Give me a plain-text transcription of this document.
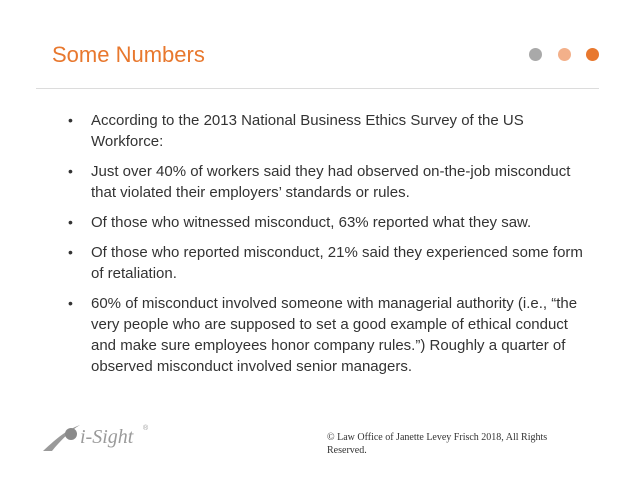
Some Numbers
• According to the 2013 National Business Ethics Survey of the US Workforce:
• Just over 40% of workers said they had observed on-the-job misconduct that violated their employers’ standards or rules.
• Of those who witnessed misconduct, 63% reported what they saw.
• Of those who reported misconduct, 21% said they experienced some form of retaliation.
• 60% of misconduct involved someone with managerial authority (i.e., “the very people who are supposed to set a good example of ethical conduct and make sure employees honor company rules.”) Roughly a quarter of observed misconduct involved senior managers.
i-Sight ®
© Law Office of Janette Levey Frisch 2018, All Rights Reserved.
